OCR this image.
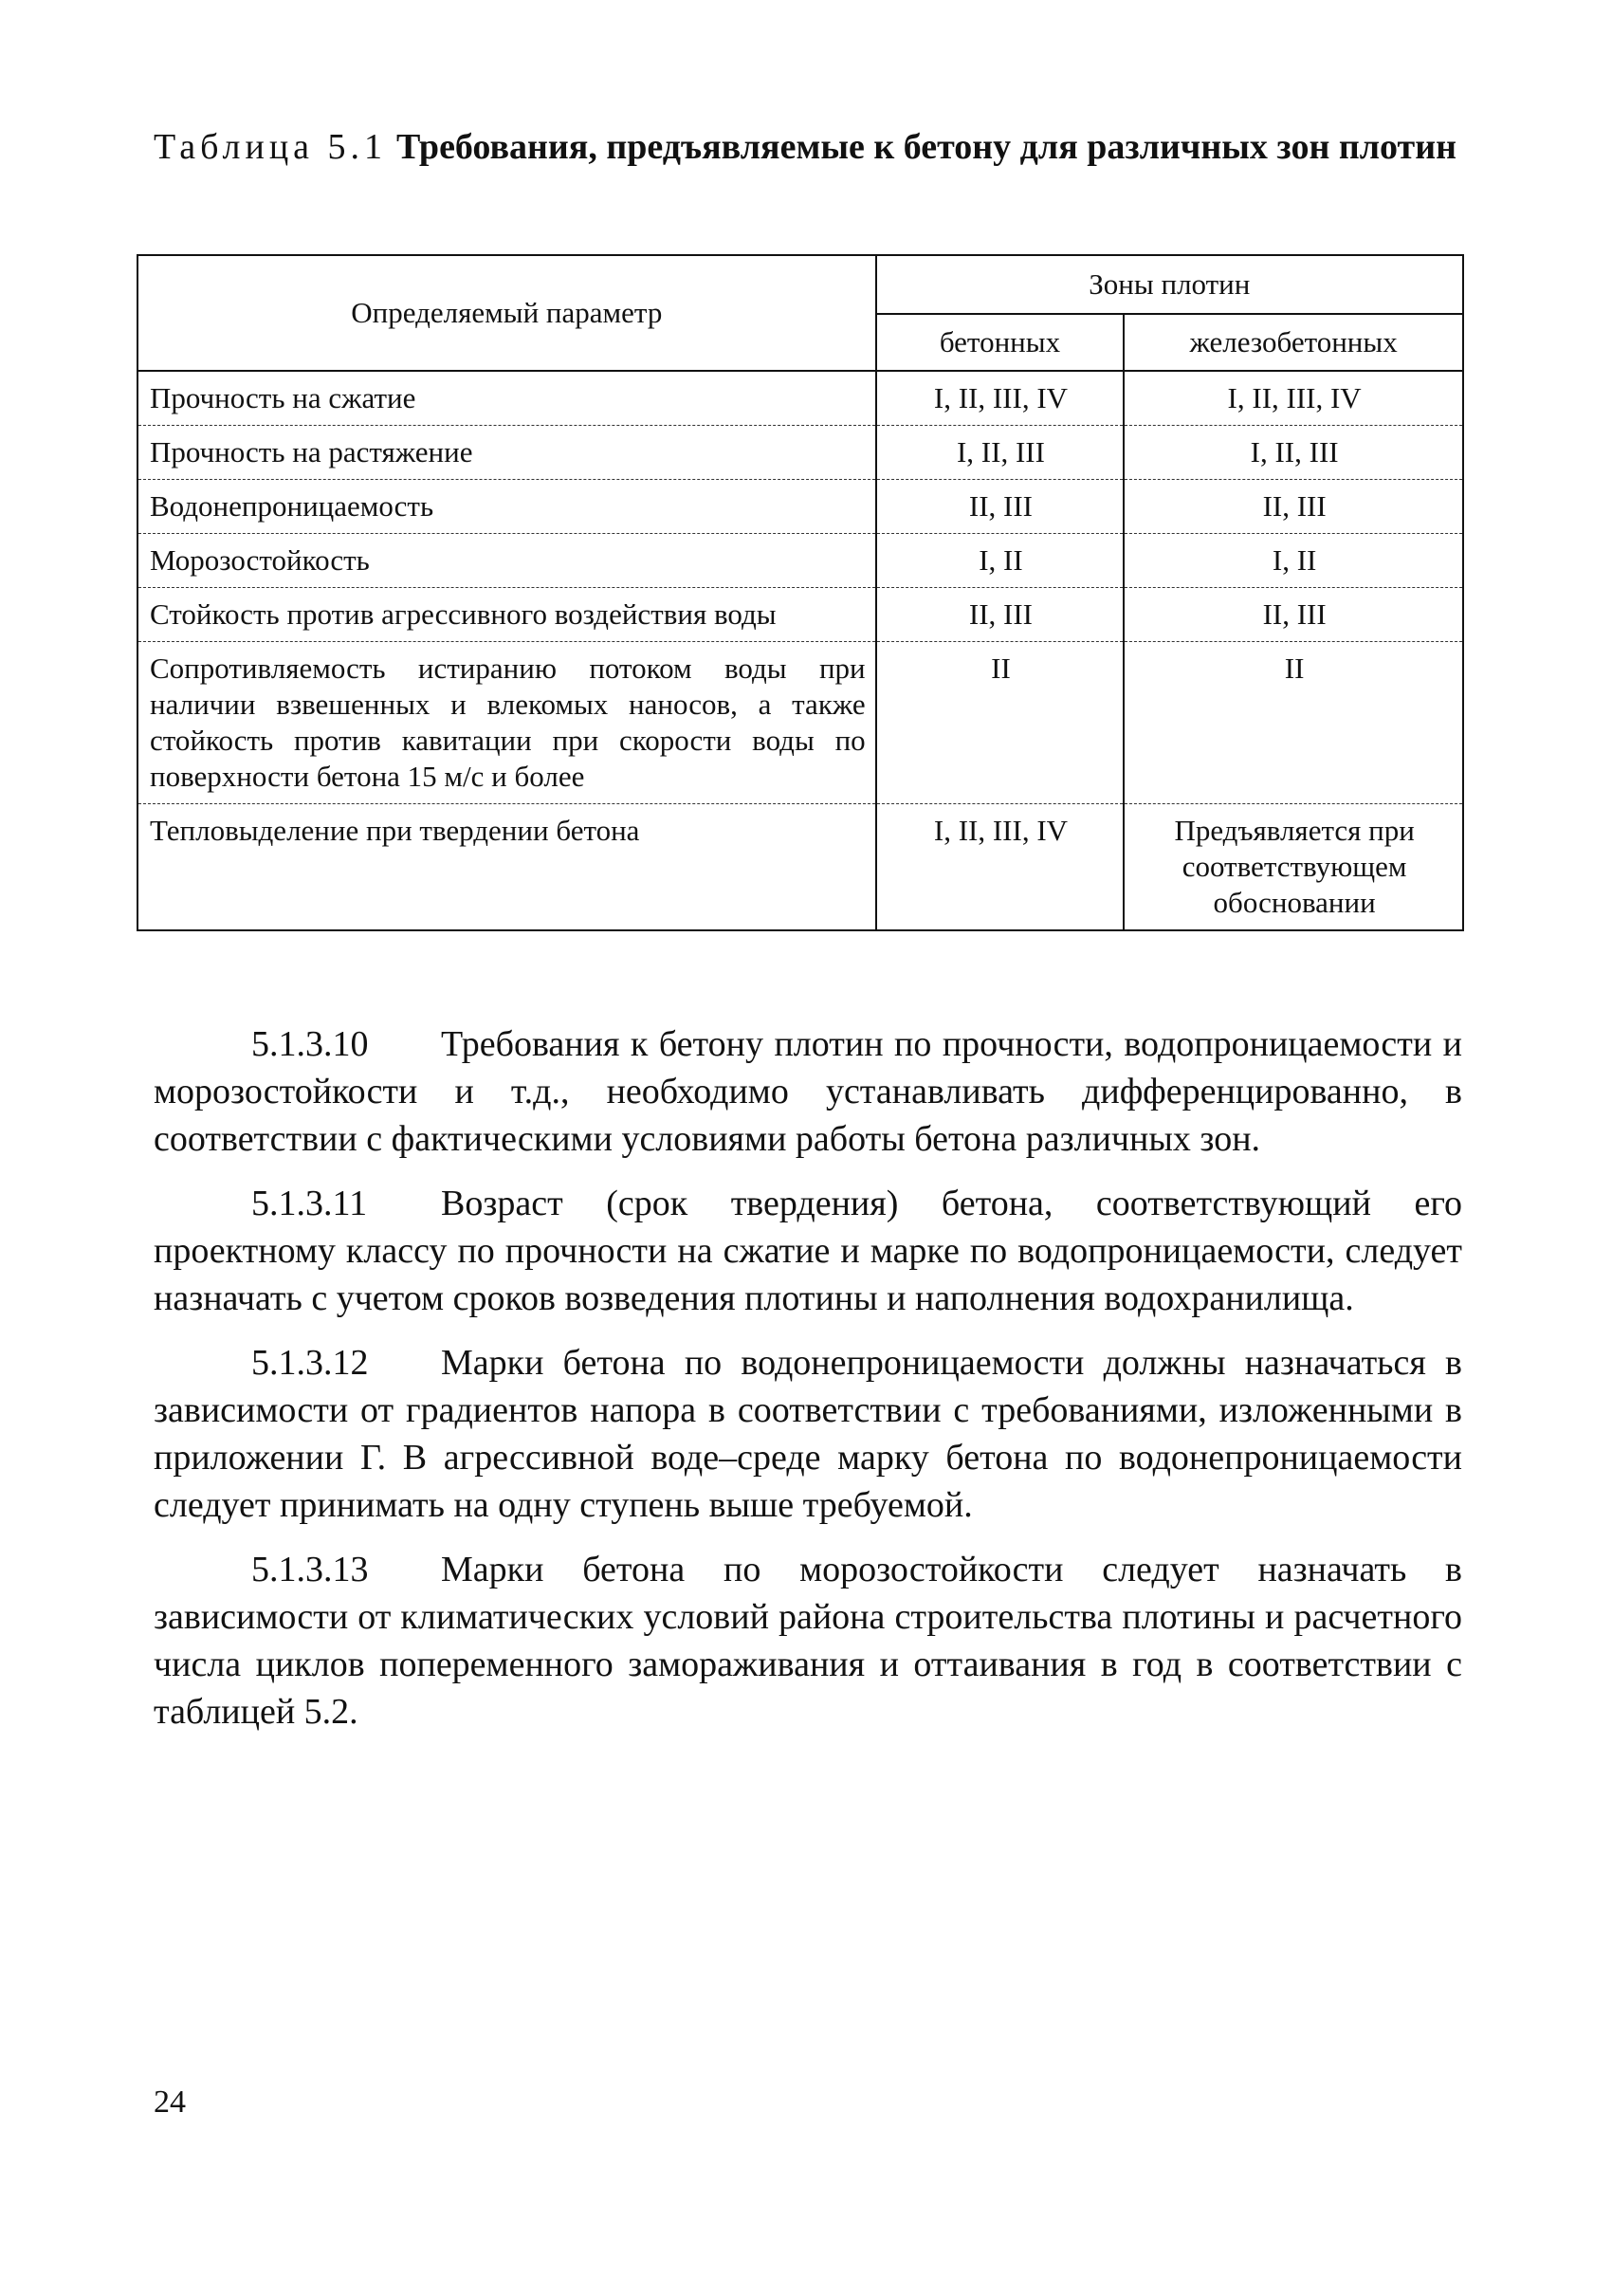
Таблица 5.1 Требования, предъявляемые к бетону для различных зон плотин
Определяемый параметр	Зоны плотин	
	бетонных	железобетонных
Прочность на сжатие	I, II, III, IV	I, II, III, IV
Прочность на растяжение	I, II, III	I, II, III
Водонепроницаемость	II, III	II, III
Морозостойкость	I, II	I, II
Стойкость против агрессивного воздействия воды	II, III	II, III
Сопротивляемость истиранию потоком воды при наличии взвешенных и влекомых наносов, а также стойкость против кавитации при скорости воды по поверхности бетона 15 м/с и более	II	II
Тепловыделение при твердении бетона	I, II, III, IV	Предъявляется при соответствующем обосновании

5.1.3.10 Требования к бетону плотин по прочности, водопроницаемости и морозостойкости и т.д., необходимо устанавливать дифференцированно, в соответствии с фактическими условиями работы бетона различных зон.

5.1.3.11 Возраст (срок твердения) бетона, соответствующий его проектному классу по прочности на сжатие и марке по водопроницаемости, следует назначать с учетом сроков возведения плотины и наполнения водохранилища.

5.1.3.12 Марки бетона по водонепроницаемости должны назначаться в зависимости от градиентов напора в соответствии с требованиями, изложенными в приложении Г. В агрессивной воде–среде марку бетона по водонепроницаемости следует принимать на одну ступень выше требуемой.

5.1.3.13 Марки бетона по морозостойкости следует назначать в зависимости от климатических условий района строительства плотины и расчетного числа циклов попеременного замораживания и оттаивания в год в соответствии с таблицей 5.2.

24
